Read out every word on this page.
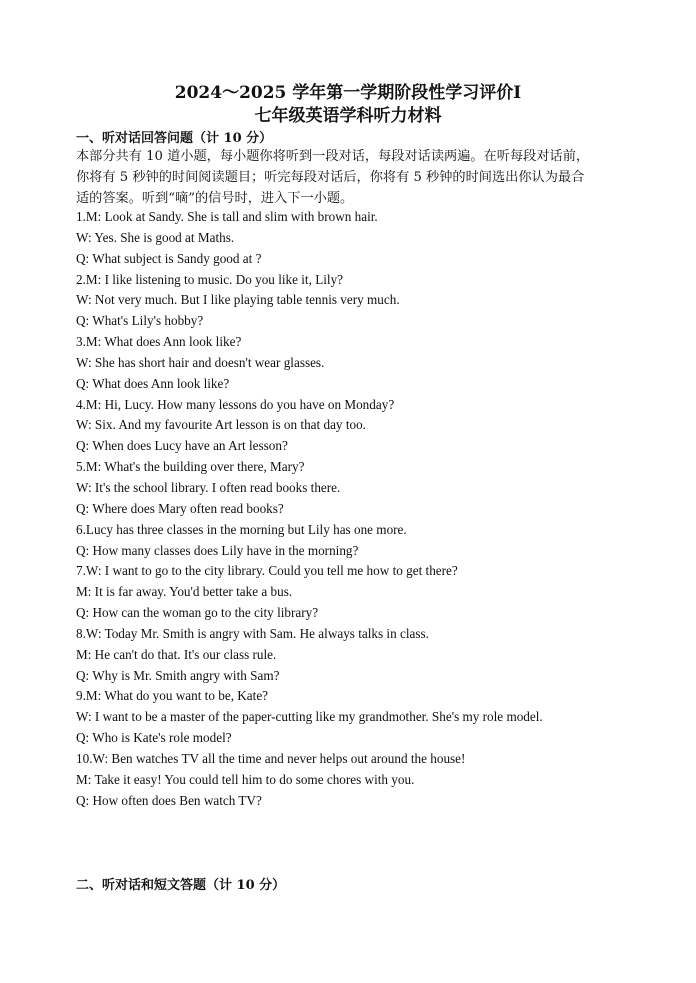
2024～2025 学年第一学期阶段性学习评价Ⅰ
七年级英语学科听力材料
一、听对话回答问题（计 10 分）
本部分共有 10 道小题，每小题你将听到一段对话，每段对话读两遍。在听每段对话前，
你将有 5 秒钟的时间阅读题目；听完每段对话后，你将有 5 秒钟的时间选出你认为最合
适的答案。听到“嘀”的信号时，进入下一小题。
1.M: Look at Sandy. She is tall and slim with brown hair.
W: Yes. She is good at Maths.
Q: What subject is Sandy good at ?
2.M: I like listening to music. Do you like it, Lily?
W: Not very much. But I like playing table tennis very much.
Q: What's Lily's hobby?
3.M: What does Ann look like?
W: She has short hair and doesn't wear glasses.
Q: What does Ann look like?
4.M: Hi, Lucy. How many lessons do you have on Monday?
W: Six. And my favourite Art lesson is on that day too.
Q: When does Lucy have an Art lesson?
5.M: What's the building over there, Mary?
W: It's the school library. I often read books there.
Q: Where does Mary often read books?
6.Lucy has three classes in the morning but Lily has one more.
Q: How many classes does Lily have in the morning?
7.W: I want to go to the city library. Could you tell me how to get there?
M: It is far away. You'd better take a bus.
Q: How can the woman go to the city library?
8.W: Today Mr. Smith is angry with Sam. He always talks in class.
M: He can't do that. It's our class rule.
Q: Why is Mr. Smith angry with Sam?
9.M: What do you want to be, Kate?
W: I want to be a master of the paper-cutting like my grandmother. She's my role model.
Q: Who is Kate's role model?
10.W: Ben watches TV all the time and never helps out around the house!
M: Take it easy! You could tell him to do some chores with you.
Q: How often does Ben watch TV?
二、听对话和短文答题（计 10 分）
